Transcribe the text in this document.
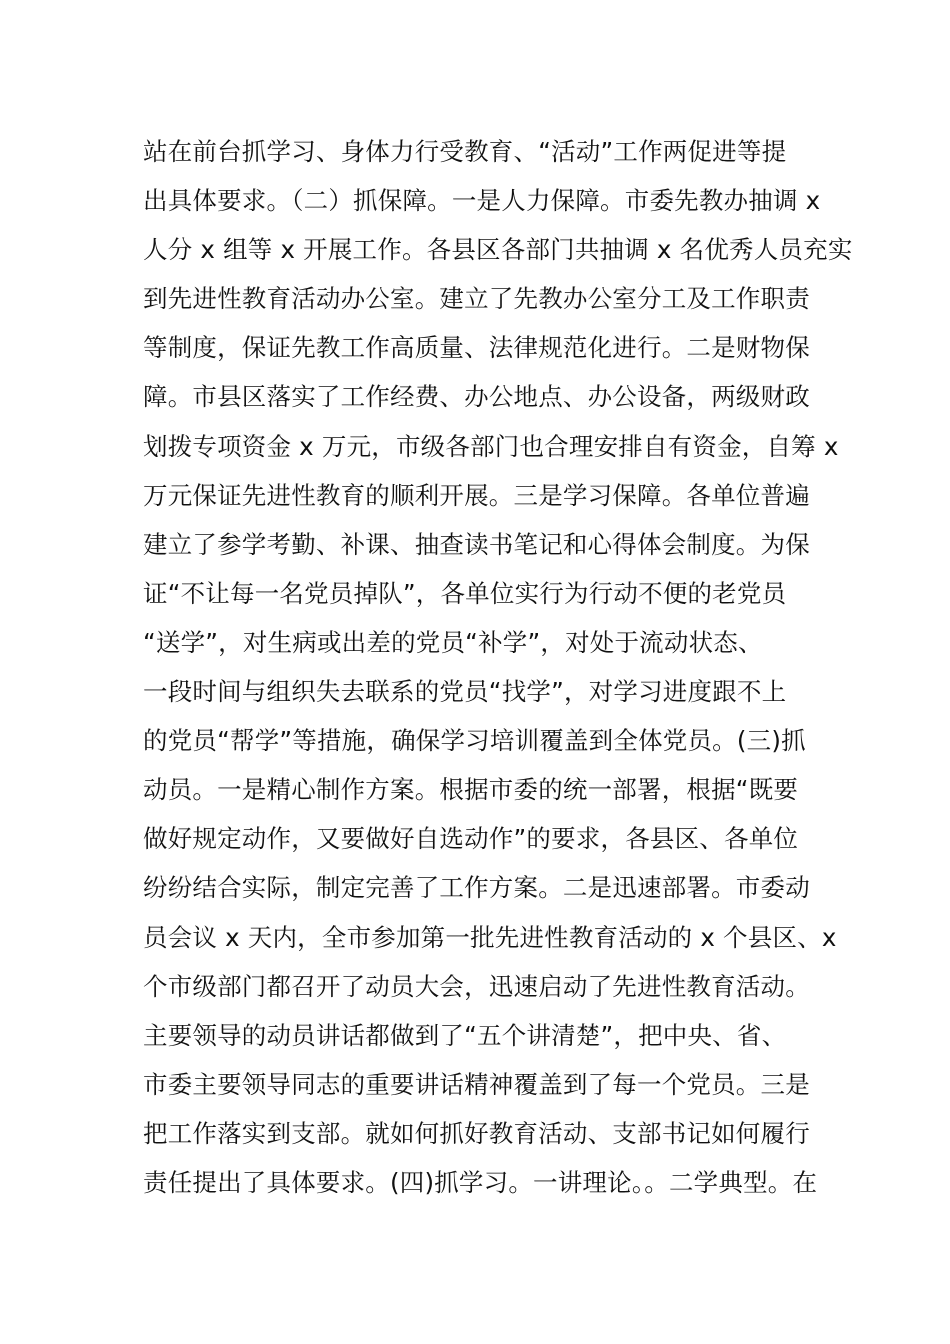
站在前台抓学习、身体力行受教育、“活动”工作两促进等提
出具体要求。（二）抓保障。一是人力保障。市委先教办抽调 x
人分 x 组等 x 开展工作。各县区各部门共抽调 x 名优秀人员充实
到先进性教育活动办公室。建立了先教办公室分工及工作职责
等制度，保证先教工作高质量、法律规范化进行。二是财物保
障。市县区落实了工作经费、办公地点、办公设备，两级财政
划拨专项资金 x 万元，市级各部门也合理安排自有资金，自筹 x
万元保证先进性教育的顺利开展。三是学习保障。各单位普遍
建立了参学考勤、补课、抽查读书笔记和心得体会制度。为保
证“不让每一名党员掉队”，各单位实行为行动不便的老党员
“送学”，对生病或出差的党员“补学”，对处于流动状态、
一段时间与组织失去联系的党员“找学”，对学习进度跟不上
的党员“帮学”等措施，确保学习培训覆盖到全体党员。(三)抓
动员。一是精心制作方案。根据市委的统一部署，根据“既要
做好规定动作，又要做好自选动作”的要求，各县区、各单位
纷纷结合实际，制定完善了工作方案。二是迅速部署。市委动
员会议 x 天内，全市参加第一批先进性教育活动的 x 个县区、x
个市级部门都召开了动员大会，迅速启动了先进性教育活动。
主要领导的动员讲话都做到了“五个讲清楚”，把中央、省、
市委主要领导同志的重要讲话精神覆盖到了每一个党员。三是
把工作落实到支部。就如何抓好教育活动、支部书记如何履行
责任提出了具体要求。(四)抓学习。一讲理论。。二学典型。在
